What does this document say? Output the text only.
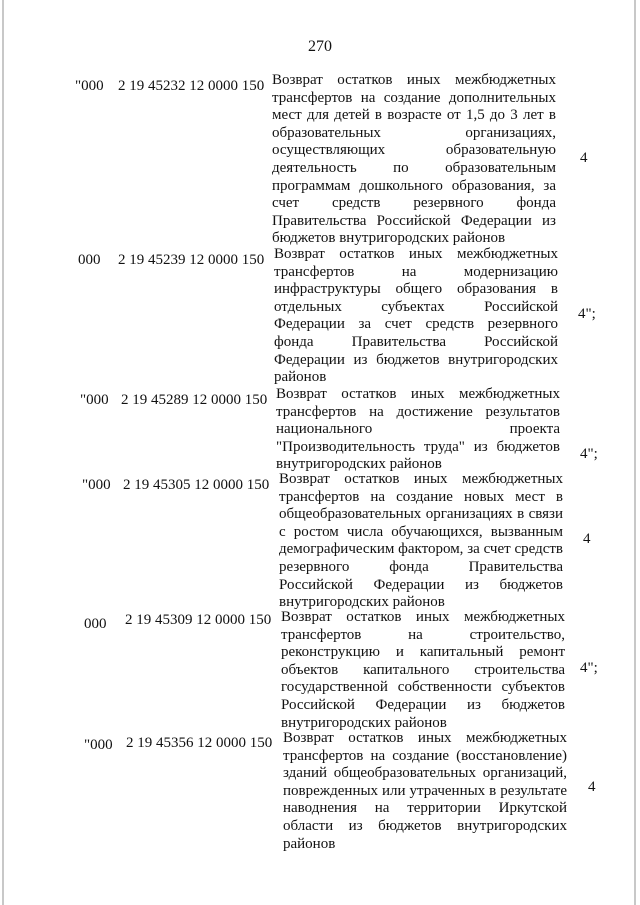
270
"000 2 19 45232 12 0000 150 Возврат остатков иных межбюджетных трансфертов на создание дополнительных мест для детей в возрасте от 1,5 до 3 лет в образовательных организациях, осуществляющих образовательную деятельность по образовательным программам дошкольного образования, за счет средств резервного фонда Правительства Российской Федерации из бюджетов внутригородских районов
4
000 2 19 45239 12 0000 150 Возврат остатков иных межбюджетных трансфертов на модернизацию инфраструктуры общего образования в отдельных субъектах Российской Федерации за счет средств резервного фонда Правительства Российской Федерации из бюджетов внутригородских районов
4";
"000 2 19 45289 12 0000 150 Возврат остатков иных межбюджетных трансфертов на достижение результатов национального проекта "Производительность труда" из бюджетов внутригородских районов
4";
"000 2 19 45305 12 0000 150 Возврат остатков иных межбюджетных трансфертов на создание новых мест в общеобразовательных организациях в связи с ростом числа обучающихся, вызванным демографическим фактором, за счет средств резервного фонда Правительства Российской Федерации из бюджетов внутригородских районов
4
000 2 19 45309 12 0000 150 Возврат остатков иных межбюджетных трансфертов на строительство, реконструкцию и капитальный ремонт объектов капитального строительства государственной собственности субъектов Российской Федерации из бюджетов внутригородских районов
4";
"000 2 19 45356 12 0000 150 Возврат остатков иных межбюджетных трансфертов на создание (восстановление) зданий общеобразовательных организаций, поврежденных или утраченных в результате наводнения на территории Иркутской области из бюджетов внутригородских районов
4
